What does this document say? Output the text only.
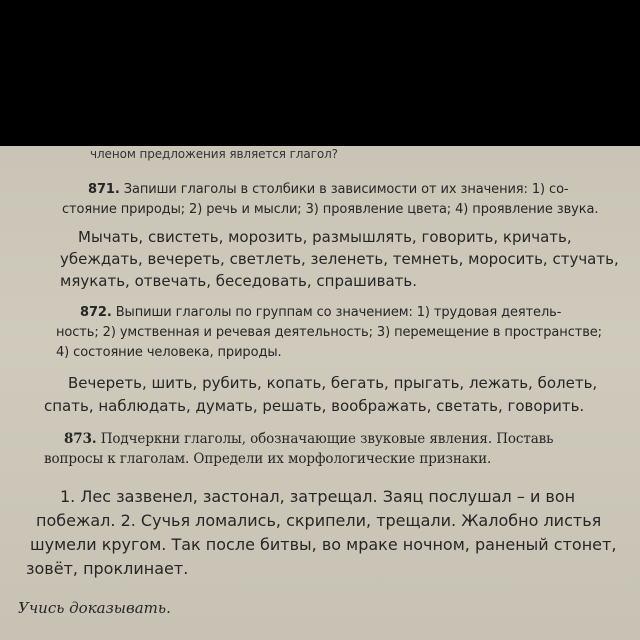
членом предложения является глагол?

871. Запиши глаголы в столбики в зависимости от их значения: 1) со-

стояние природы; 2) речь и мысли; 3) проявление цвета; 4) проявление звука.

Мычать, свистеть, морозить, размышлять, говорить, кричать,

убеждать, вечереть, светлеть, зеленеть, темнеть, моросить, стучать,

мяукать, отвечать, беседовать, спрашивать.

872. Выпиши глаголы по группам со значением: 1) трудовая деятель-

ность; 2) умственная и речевая деятельность; 3) перемещение в пространстве;

4) состояние человека, природы.

Вечереть, шить, рубить, копать, бегать, прыгать, лежать, болеть,

спать, наблюдать, думать, решать, воображать, светать, говорить.

873. Подчеркни глаголы, обозначающие звуковые явления. Поставь

вопросы к глаголам. Определи их морфологические признаки.

1. Лес зазвенел, застонал, затрещал. Заяц послушал – и вон

побежал. 2. Сучья ломались, скрипели, трещали. Жалобно листья

шумели кругом. Так после битвы, во мраке ночном, раненый стонет,

зовёт, проклинает.

Учись доказывать.
